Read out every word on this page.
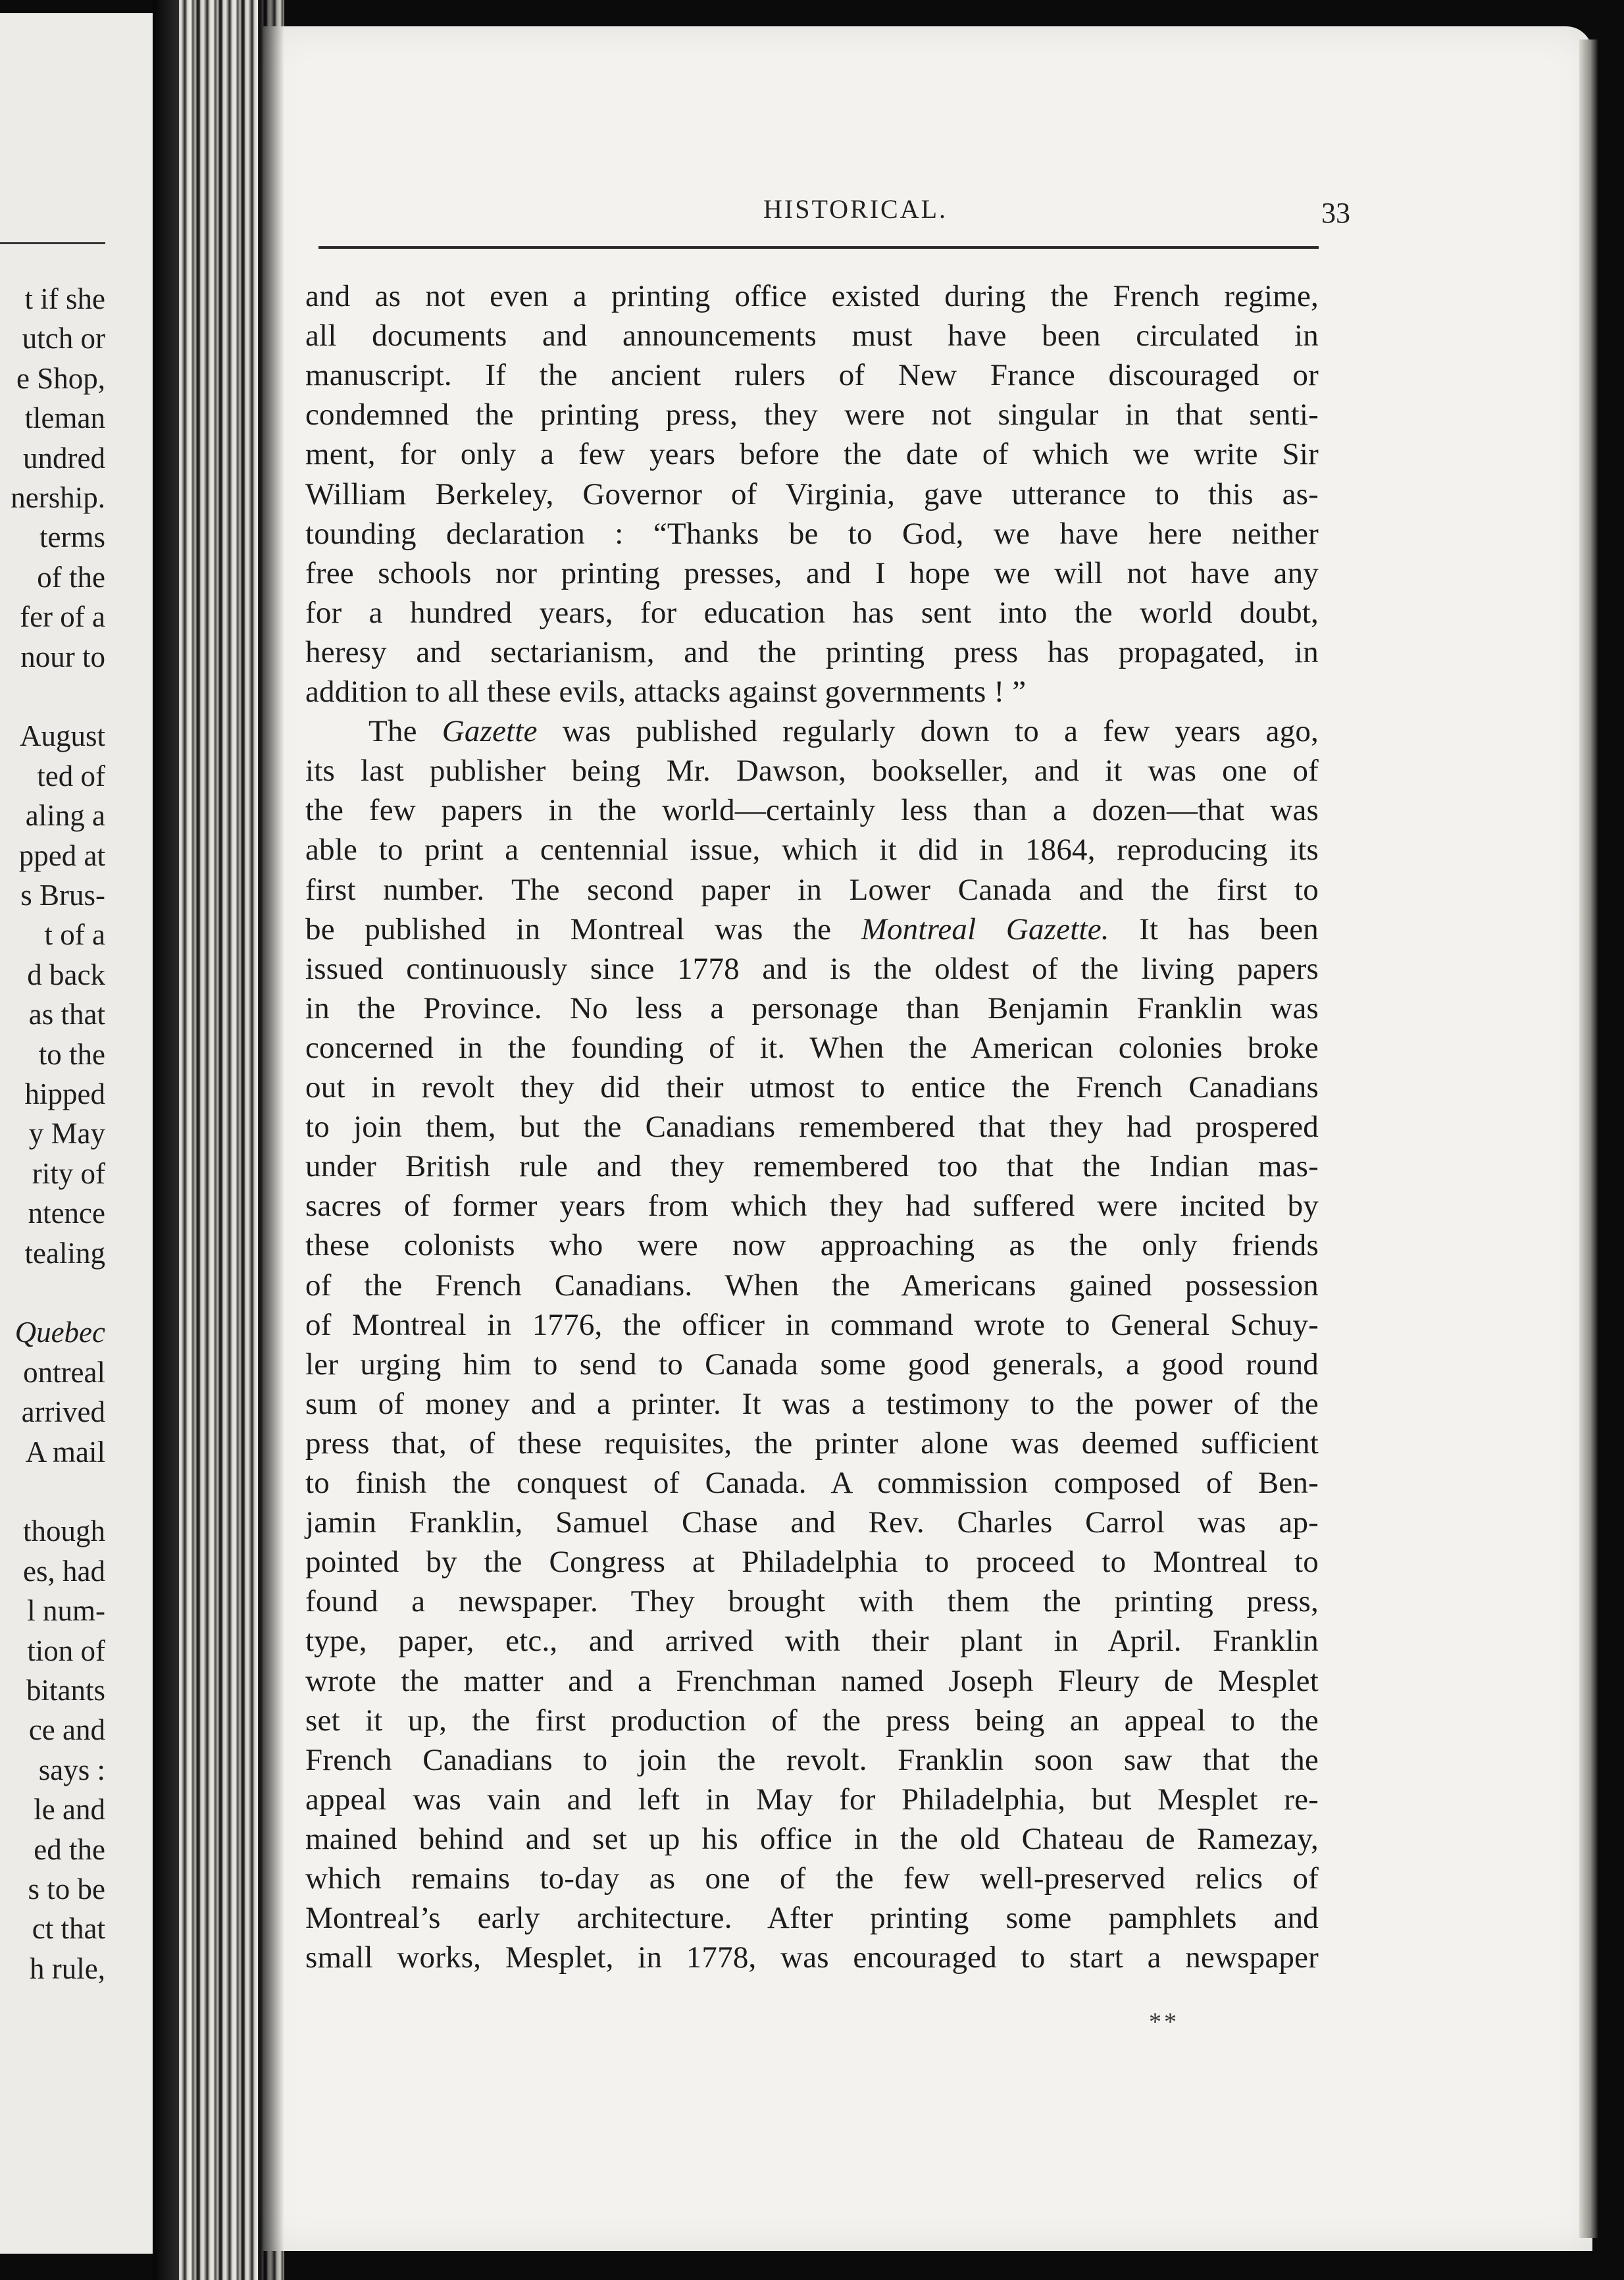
t if she
utch or
e Shop,
tleman
undred
nership.
terms
of the
fer of a
nour to
August
ted of
aling a
pped at
s Brus-
t of a
d back
as that
to the
hipped
y May
rity of
ntence
tealing
Quebec
ontreal
arrived
A mail
though
es, had
l num-
tion of
bitants
ce and
says :
le and
ed the
s to be
ct that
h rule,
HISTORICAL.	33
and as not even a printing office existed during the French regime,
all documents and announcements must have been circulated in
manuscript. If the ancient rulers of New France discouraged or
condemned the printing press, they were not singular in that senti-
ment, for only a few years before the date of which we write Sir
William Berkeley, Governor of Virginia, gave utterance to this as-
tounding declaration : “Thanks be to God, we have here neither
free schools nor printing presses, and I hope we will not have any
for a hundred years, for education has sent into the world doubt,
heresy and sectarianism, and the printing press has propagated, in
addition to all these evils, attacks against governments ! ”
The Gazette was published regularly down to a few years ago,
its last publisher being Mr. Dawson, bookseller, and it was one of
the few papers in the world—certainly less than a dozen—that was
able to print a centennial issue, which it did in 1864, reproducing its
first number. The second paper in Lower Canada and the first to
be published in Montreal was the Montreal Gazette. It has been
issued continuously since 1778 and is the oldest of the living papers
in the Province. No less a personage than Benjamin Franklin was
concerned in the founding of it. When the American colonies broke
out in revolt they did their utmost to entice the French Canadians
to join them, but the Canadians remembered that they had prospered
under British rule and they remembered too that the Indian mas-
sacres of former years from which they had suffered were incited by
these colonists who were now approaching as the only friends
of the French Canadians. When the Americans gained possession
of Montreal in 1776, the officer in command wrote to General Schuy-
ler urging him to send to Canada some good generals, a good round
sum of money and a printer. It was a testimony to the power of the
press that, of these requisites, the printer alone was deemed sufficient
to finish the conquest of Canada. A commission composed of Ben-
jamin Franklin, Samuel Chase and Rev. Charles Carrol was ap-
pointed by the Congress at Philadelphia to proceed to Montreal to
found a newspaper. They brought with them the printing press,
type, paper, etc., and arrived with their plant in April. Franklin
wrote the matter and a Frenchman named Joseph Fleury de Mesplet
set it up, the first production of the press being an appeal to the
French Canadians to join the revolt. Franklin soon saw that the
appeal was vain and left in May for Philadelphia, but Mesplet re-
mained behind and set up his office in the old Chateau de Ramezay,
which remains to-day as one of the few well-preserved relics of
Montreal’s early architecture. After printing some pamphlets and
small works, Mesplet, in 1778, was encouraged to start a newspaper
**
